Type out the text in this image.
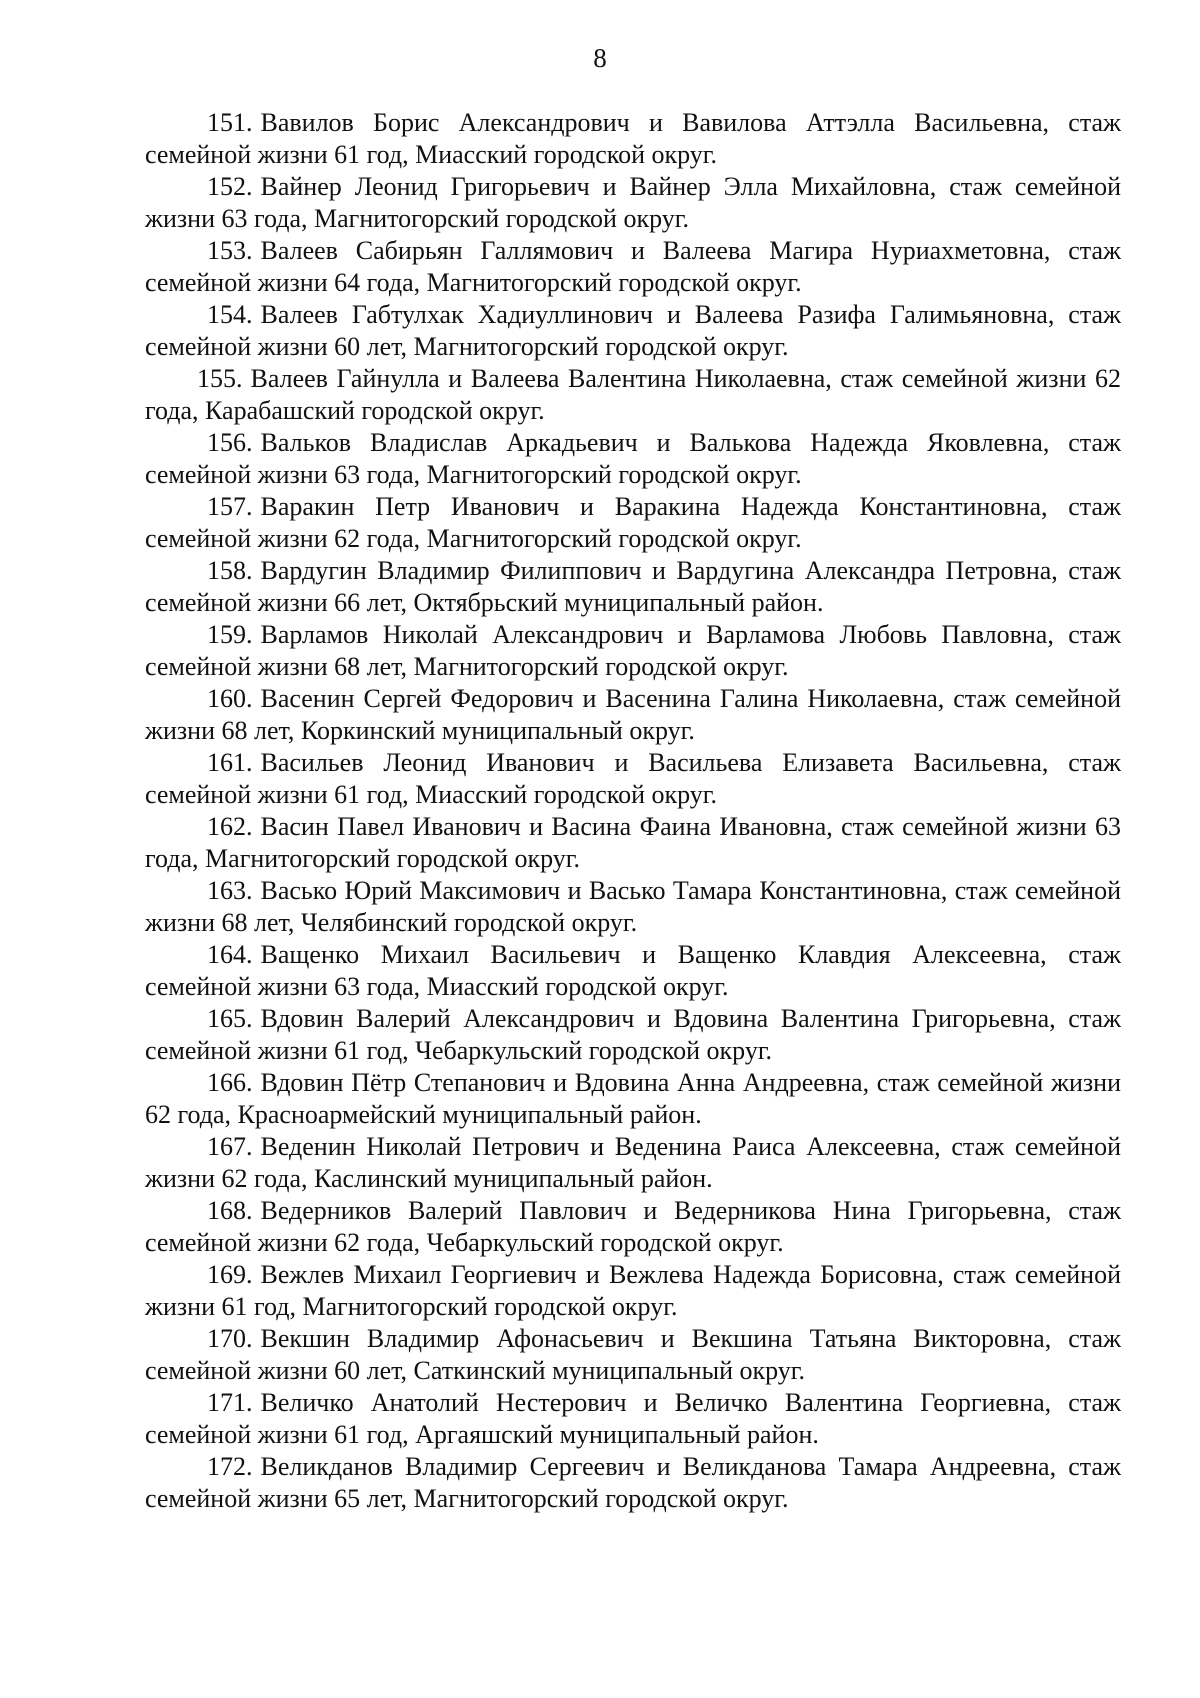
8

151. Вавилов Борис Александрович и Вавилова Аттэлла Васильевна, стаж семейной жизни 61 год, Миасский городской округ.

152. Вайнер Леонид Григорьевич и Вайнер Элла Михайловна, стаж семейной жизни 63 года, Магнитогорский городской округ.

153. Валеев Сабирьян Галлямович и Валеева Магира Нуриахметовна, стаж семейной жизни 64 года, Магнитогорский городской округ.

154. Валеев Габтулхак Хадиуллинович и Валеева Разифа Галимьяновна, стаж семейной жизни 60 лет, Магнитогорский городской округ.

155. Валеев Гайнулла и Валеева Валентина Николаевна, стаж семейной жизни 62 года, Карабашский городской округ.

156. Вальков Владислав Аркадьевич и Валькова Надежда Яковлевна, стаж семейной жизни 63 года, Магнитогорский городской округ.

157. Варакин Петр Иванович и Варакина Надежда Константиновна, стаж семейной жизни 62 года, Магнитогорский городской округ.

158. Вардугин Владимир Филиппович и Вардугина Александра Петровна, стаж семейной жизни 66 лет, Октябрьский муниципальный район.

159. Варламов Николай Александрович и Варламова Любовь Павловна, стаж семейной жизни 68 лет, Магнитогорский городской округ.

160. Васенин Сергей Федорович и Васенина Галина Николаевна, стаж семейной жизни 68 лет, Коркинский муниципальный округ.

161. Васильев Леонид Иванович и Васильева Елизавета Васильевна, стаж семейной жизни 61 год, Миасский городской округ.

162. Васин Павел Иванович и Васина Фаина Ивановна, стаж семейной жизни 63 года, Магнитогорский городской округ.

163. Васько Юрий Максимович и Васько Тамара Константиновна, стаж семейной жизни 68 лет, Челябинский городской округ.

164. Ващенко Михаил Васильевич и Ващенко Клавдия Алексеевна, стаж семейной жизни 63 года, Миасский городской округ.

165. Вдовин Валерий Александрович и Вдовина Валентина Григорьевна, стаж семейной жизни 61 год, Чебаркульский городской округ.

166. Вдовин Пётр Степанович и Вдовина Анна Андреевна, стаж семейной жизни 62 года, Красноармейский муниципальный район.

167. Веденин Николай Петрович и Веденина Раиса Алексеевна, стаж семейной жизни 62 года, Каслинский муниципальный район.

168. Ведерников Валерий Павлович и Ведерникова Нина Григорьевна, стаж семейной жизни 62 года, Чебаркульский городской округ.

169. Вежлев Михаил Георгиевич и Вежлева Надежда Борисовна, стаж семейной жизни 61 год, Магнитогорский городской округ.

170. Векшин Владимир Афонасьевич и Векшина Татьяна Викторовна, стаж семейной жизни 60 лет, Саткинский муниципальный округ.

171. Величко Анатолий Нестерович и Величко Валентина Георгиевна, стаж семейной жизни 61 год, Аргаяшский муниципальный район.

172. Великданов Владимир Сергеевич и Великданова Тамара Андреевна, стаж семейной жизни 65 лет, Магнитогорский городской округ.
